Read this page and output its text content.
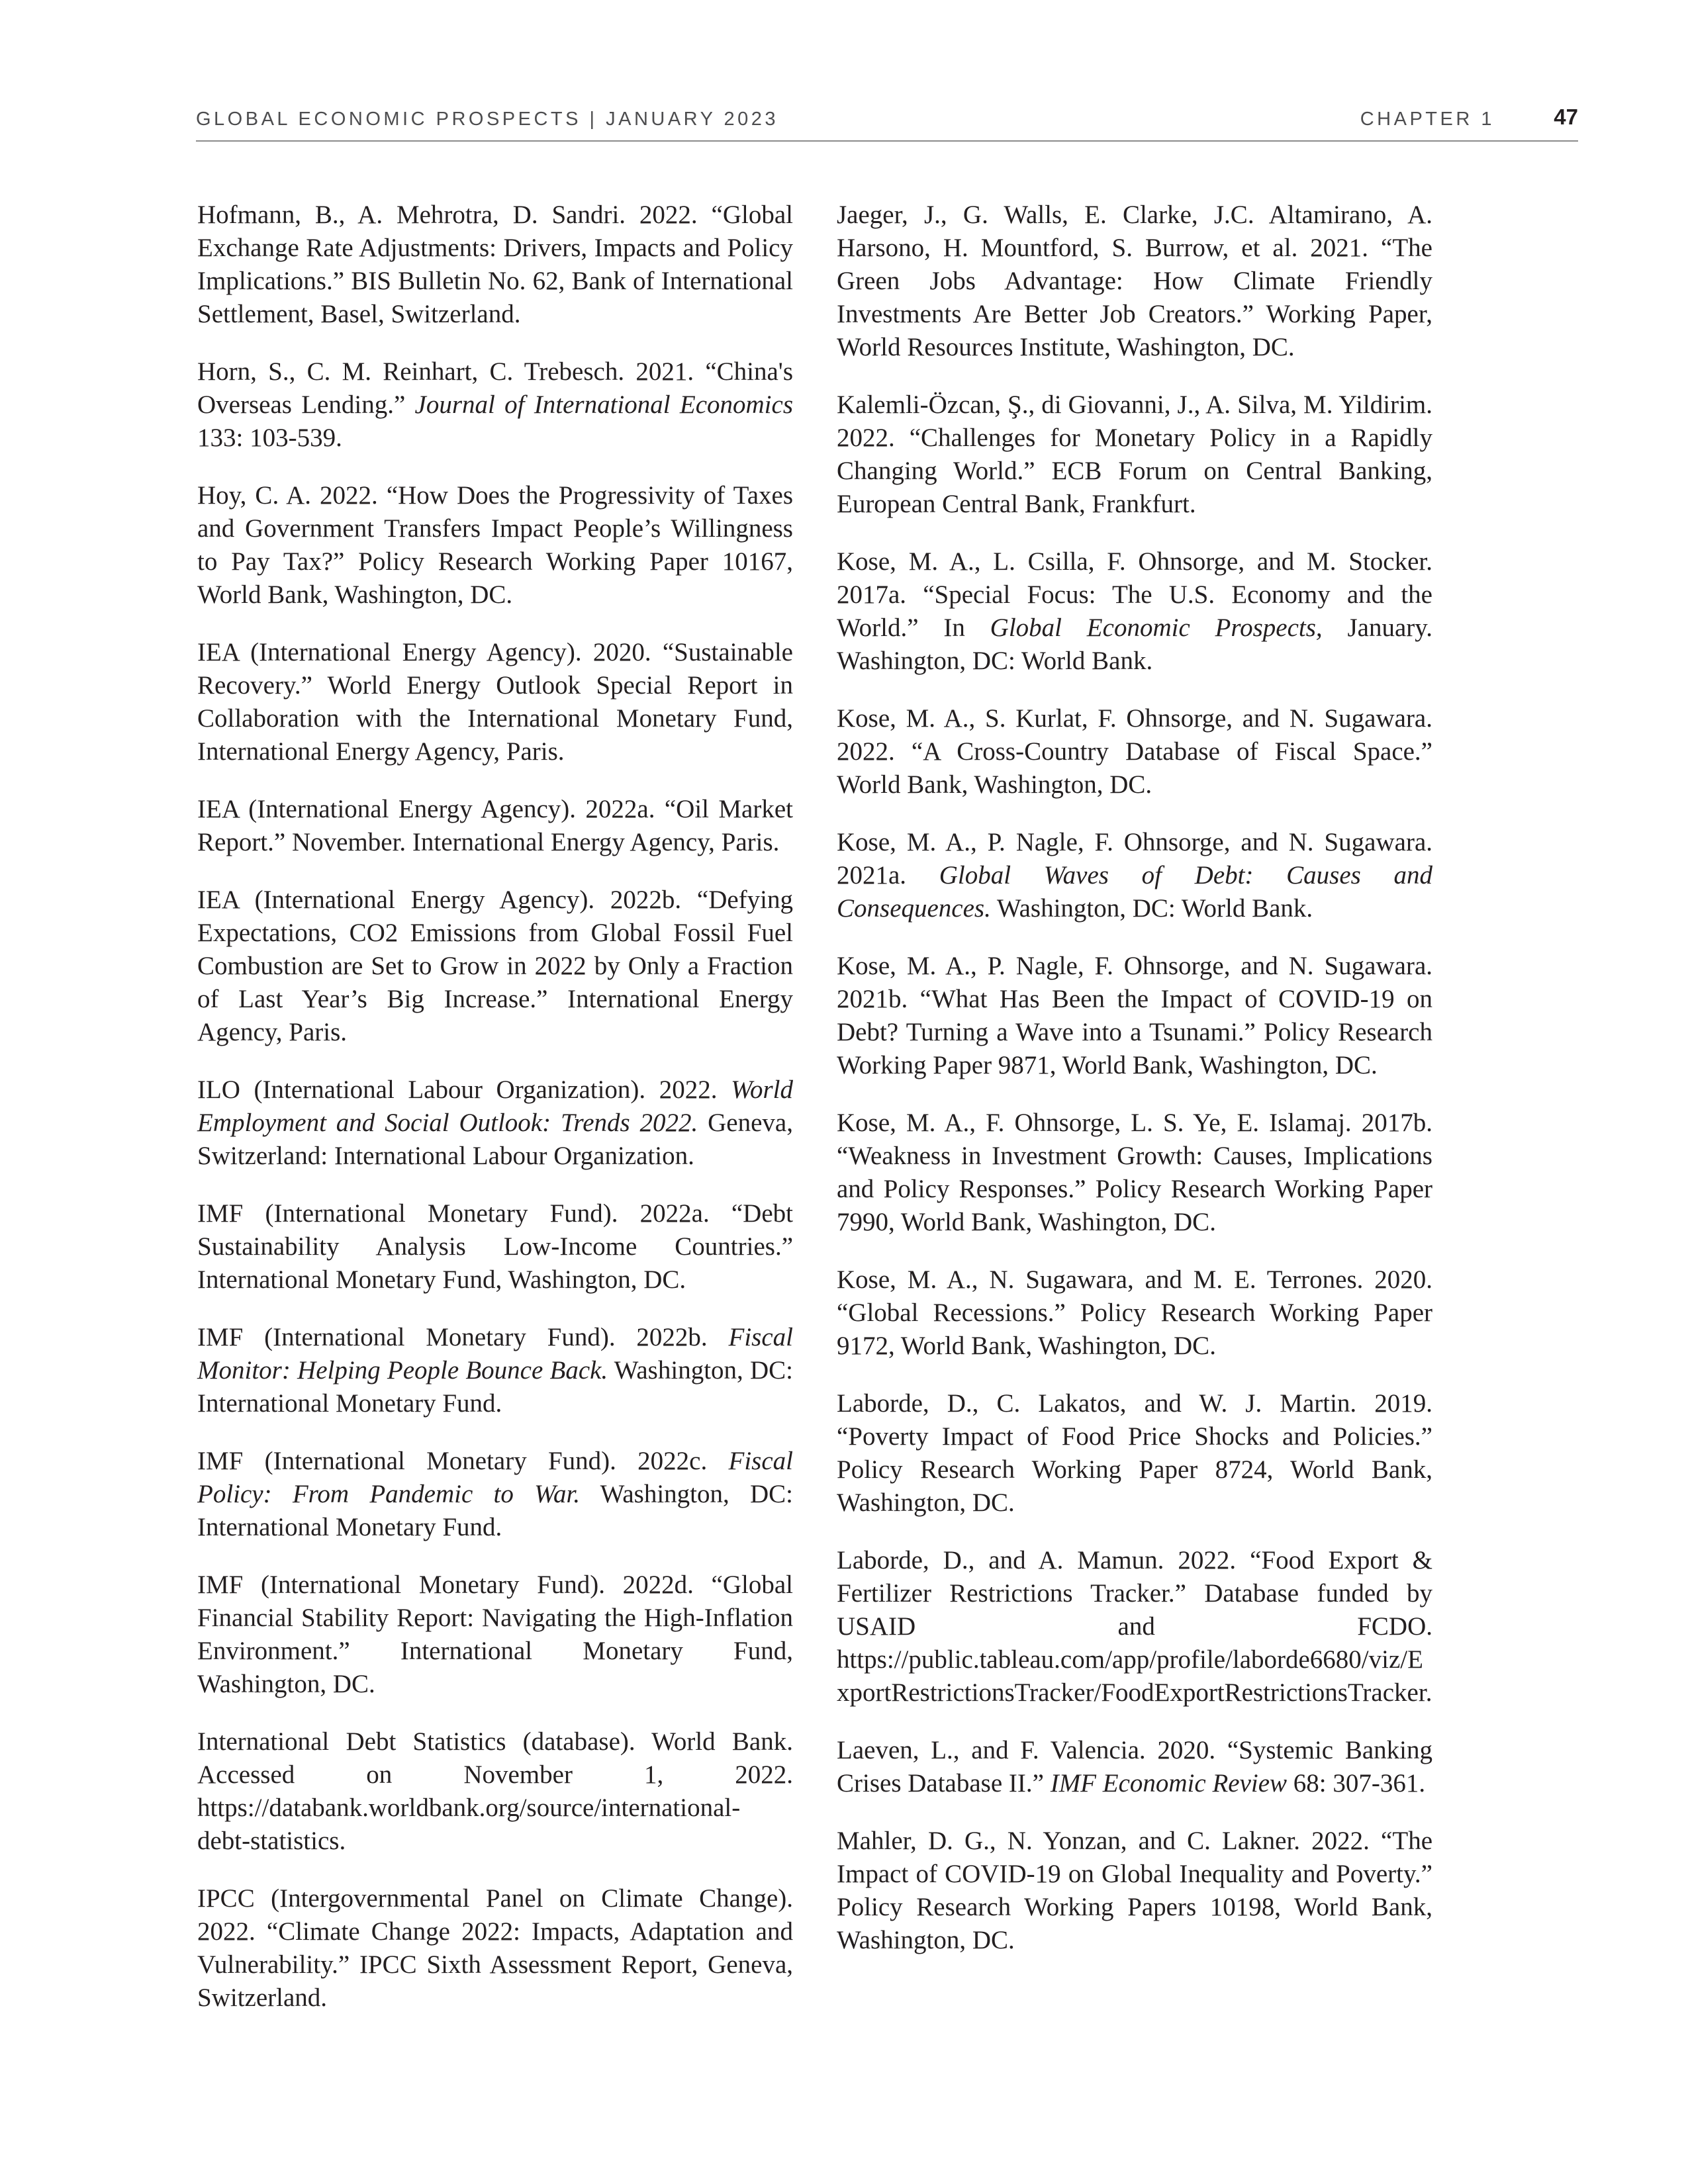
GLOBAL ECONOMIC PROSPECTS | JANUARY 2023	CHAPTER 1	47

Hofmann, B., A. Mehrotra, D. Sandri. 2022. “Global Exchange Rate Adjustments: Drivers, Impacts and Policy Implications.” BIS Bulletin No. 62, Bank of International Settlement, Basel, Switzerland.

Horn, S., C. M. Reinhart, C. Trebesch. 2021. “China's Overseas Lending.” Journal of International Economics 133: 103-539.

Hoy, C. A. 2022. “How Does the Progressivity of Taxes and Government Transfers Impact People’s Willingness to Pay Tax?” Policy Research Working Paper 10167, World Bank, Washington, DC.

IEA (International Energy Agency). 2020. “Sustainable Recovery.” World Energy Outlook Special Report in Collaboration with the International Monetary Fund, International Energy Agency, Paris.

IEA (International Energy Agency). 2022a. “Oil Market Report.” November. International Energy Agency, Paris.

IEA (International Energy Agency). 2022b. “Defying Expectations, CO2 Emissions from Global Fossil Fuel Combustion are Set to Grow in 2022 by Only a Fraction of Last Year’s Big Increase.” International Energy Agency, Paris.

ILO (International Labour Organization). 2022. World Employment and Social Outlook: Trends 2022. Geneva, Switzerland: International Labour Organization.

IMF (International Monetary Fund). 2022a. “Debt Sustainability Analysis Low-Income Countries.” International Monetary Fund, Washington, DC.

IMF (International Monetary Fund). 2022b. Fiscal Monitor: Helping People Bounce Back. Washington, DC: International Monetary Fund.

IMF (International Monetary Fund). 2022c. Fiscal Policy: From Pandemic to War. Washington, DC: International Monetary Fund.

IMF (International Monetary Fund). 2022d. “Global Financial Stability Report: Navigating the High-Inflation Environment.” International Monetary Fund, Washington, DC.

International Debt Statistics (database). World Bank. Accessed on November 1, 2022. https://databank.worldbank.org/source/international-debt-statistics.

IPCC (Intergovernmental Panel on Climate Change). 2022. “Climate Change 2022: Impacts, Adaptation and Vulnerability.” IPCC Sixth Assessment Report, Geneva, Switzerland.

Jaeger, J., G. Walls, E. Clarke, J.C. Altamirano, A. Harsono, H. Mountford, S. Burrow, et al. 2021. “The Green Jobs Advantage: How Climate Friendly Investments Are Better Job Creators.” Working Paper, World Resources Institute, Washington, DC.

Kalemli-Özcan, Ş., di Giovanni, J., A. Silva, M. Yildirim. 2022. “Challenges for Monetary Policy in a Rapidly Changing World.” ECB Forum on Central Banking, European Central Bank, Frankfurt.

Kose, M. A., L. Csilla, F. Ohnsorge, and M. Stocker. 2017a. “Special Focus: The U.S. Economy and the World.” In Global Economic Prospects, January. Washington, DC: World Bank.

Kose, M. A., S. Kurlat, F. Ohnsorge, and N. Sugawara. 2022. “A Cross-Country Database of Fiscal Space.” World Bank, Washington, DC.

Kose, M. A., P. Nagle, F. Ohnsorge, and N. Sugawara. 2021a. Global Waves of Debt: Causes and Consequences. Washington, DC: World Bank.

Kose, M. A., P. Nagle, F. Ohnsorge, and N. Sugawara. 2021b. “What Has Been the Impact of COVID-19 on Debt? Turning a Wave into a Tsunami.” Policy Research Working Paper 9871, World Bank, Washington, DC.

Kose, M. A., F. Ohnsorge, L. S. Ye, E. Islamaj. 2017b. “Weakness in Investment Growth: Causes, Implications and Policy Responses.” Policy Research Working Paper 7990, World Bank, Washington, DC.

Kose, M. A., N. Sugawara, and M. E. Terrones. 2020. “Global Recessions.” Policy Research Working Paper 9172, World Bank, Washington, DC.

Laborde, D., C. Lakatos, and W. J. Martin. 2019. “Poverty Impact of Food Price Shocks and Policies.” Policy Research Working Paper 8724, World Bank, Washington, DC.

Laborde, D., and A. Mamun. 2022. “Food Export & Fertilizer Restrictions Tracker.” Database funded by USAID and FCDO. https://public.tableau.com/app/profile/laborde6680/viz/ExportRestrictionsTracker/FoodExportRestrictionsTracker.

Laeven, L., and F. Valencia. 2020. “Systemic Banking Crises Database II.” IMF Economic Review 68: 307-361.

Mahler, D. G., N. Yonzan, and C. Lakner. 2022. “The Impact of COVID-19 on Global Inequality and Poverty.” Policy Research Working Papers 10198, World Bank, Washington, DC.
